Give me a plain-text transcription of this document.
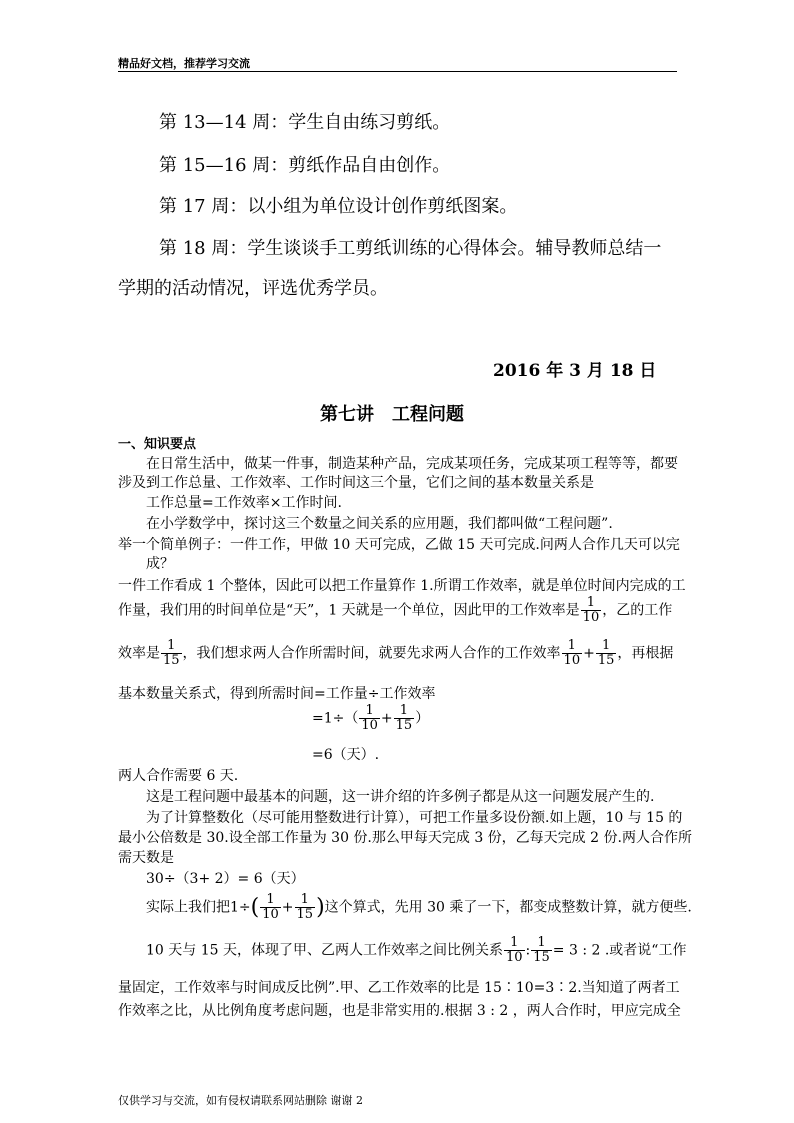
精品好文档，推荐学习交流
第 13—14 周：学生自由练习剪纸。
第 15—16 周：剪纸作品自由创作。
第 17 周：以小组为单位设计创作剪纸图案。
第 18 周：学生谈谈手工剪纸训练的心得体会。辅导教师总结一
学期的活动情况，评选优秀学员。
2016 年 3 月 18 日
第七讲　工程问题
一、知识要点
在日常生活中，做某一件事，制造某种产品，完成某项任务，完成某项工程等等，都要
涉及到工作总量、工作效率、工作时间这三个量，它们之间的基本数量关系是
工作总量=工作效率×工作时间.
在小学数学中，探讨这三个数量之间关系的应用题，我们都叫做“工程问题”.
举一个简单例子：一件工作，甲做 10 天可完成，乙做 15 天可完成.问两人合作几天可以完
成？
一件工作看成 1 个整体，因此可以把工作量算作 1.所谓工作效率，就是单位时间内完成的工
作量，我们用的时间单位是“天”，1 天就是一个单位，因此甲的工作效率是 $\frac{1}{10}$ ，乙的工作
效率是 $\frac{1}{15}$ ，我们想求两人合作所需时间，就要先求两人合作的工作效率 $\frac{1}{10} + \frac{1}{15}$ ，再根据
基本数量关系式，得到所需时间=工作量÷工作效率
$=1\div( \frac{1}{10} + \frac{1}{15}$ ）
=6（天）.
两人合作需要 6 天.
这是工程问题中最基本的问题，这一讲介绍的许多例子都是从这一问题发展产生的.
为了计算整数化（尽可能用整数进行计算），可把工作量多设份额.如上题，10 与 15 的
最小公倍数是 30.设全部工作量为 30 份.那么甲每天完成 3 份，乙每天完成 2 份.两人合作所
需天数是
30÷（3+ 2）= 6（天）
实际上我们把$1\div( \frac{1}{10} + \frac{1}{15}$ )这个算式，先用 30 乘了一下，都变成整数计算，就方便些.
10 天与 15 天，体现了甲、乙两人工作效率之间比例关系 $\frac{1}{10}$ : $\frac{1}{15} = 3$ : 2 .或者说“工作
量固定，工作效率与时间成反比例”.甲、乙工作效率的比是 15∶10=3∶2.当知道了两者工
作效率之比，从比例角度考虑问题，也是非常实用的.根据 3 : 2 ，两人合作时，甲应完成全
仅供学习与交流，如有侵权请联系网站删除 谢谢 2
